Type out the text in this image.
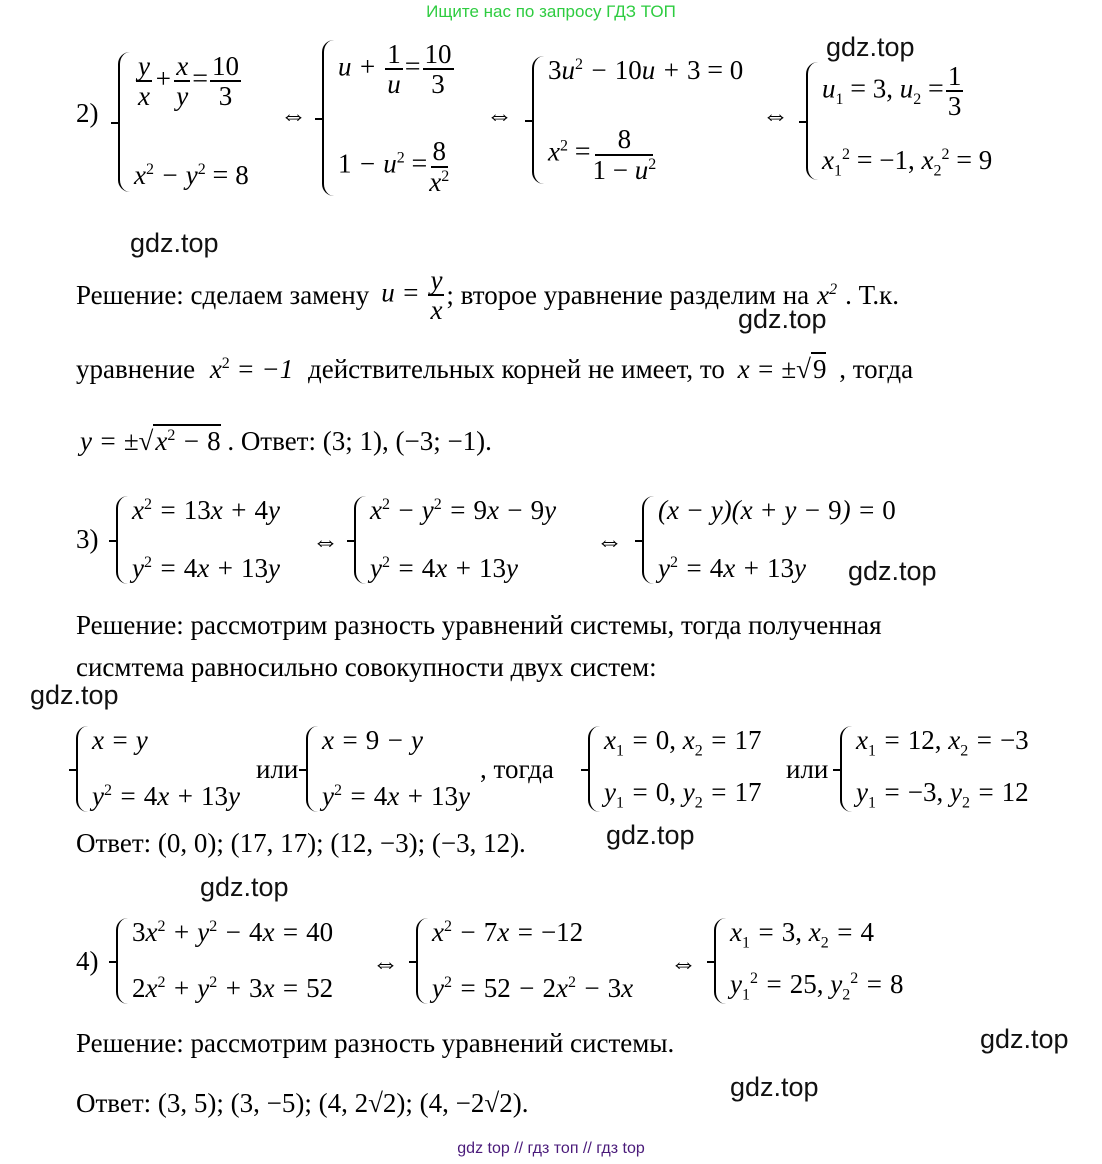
Ищите нас по запросу ГДЗ ТОП
2)
$\frac{y}{x} + \frac{x}{y} = \frac{10}{3}$
$x^2 - y^2 = 8$
⇔
$u + \frac{1}{u} = \frac{10}{3}$
$1 - u^2 = \frac{8}{x^2}$
⇔
$3u^2 - 10u + 3 = 0$
$x^2 = \frac{8}{1 - u^2}$
⇔
$u_1 = 3$, $u_2 = \frac{1}{3}$
$x_1^2 = -1$, $x_2^2 = 9$
gdz.top
gdz.top
Решение: сделаем замену $u = \frac{y}{x}$ ; второе уравнение разделим на $x^2$ . Т.к.
gdz.top
уравнение $x^2 = -1$ действительных корней не имеет, то x = ±√9 , тогда
$y = \pm√x^2 - 8$ . Ответ: (3; 1), (−3; −1).
3)
$x^2 = 13x + 4y$
$y^2 = 4x + 13y$
⇔
$x^2 - y^2 = 9x - 9y$
$y^2 = 4x + 13y$
⇔
(x − y)(x + y − 9) = 0
$y^2 = 4x + 13y$	gdz.top
Решение: рассмотрим разность уравнений системы, тогда полученная
сисмтема равносильно совокупности двух систем:
gdz.top
x = y
$y^2 = 4x + 13y$
или
x = 9 − y
$y^2 = 4x + 13y$
, тогда
$x_1 = 0$, $x_2 = 17$
$y_1 = 0$, $y_2 = 17$
или
$x_1 = 12$, $x_2 = -3$
$y_1 = -3$, $y_2 = 12$
Ответ: (0, 0); (17, 17); (12, −3); (−3, 12).	gdz.top
gdz.top
4)
$3x^2 + y^2 - 4x = 40$
$2x^2 + y^2 + 3x = 52$
⇔
$x^2 - 7x = -12$
$y^2 = 52 - 2x^2 - 3x$
⇔
$x_1 = 3$, $x_2 = 4$
$y_1^2 = 25$, $y_2^2 = 8$
Решение: рассмотрим разность уравнений системы.	gdz.top
Ответ: (3, 5); (3, −5); (4, 2√2); (4, −2√2).
gdz.top
gdz top // гдз топ // гдз top
